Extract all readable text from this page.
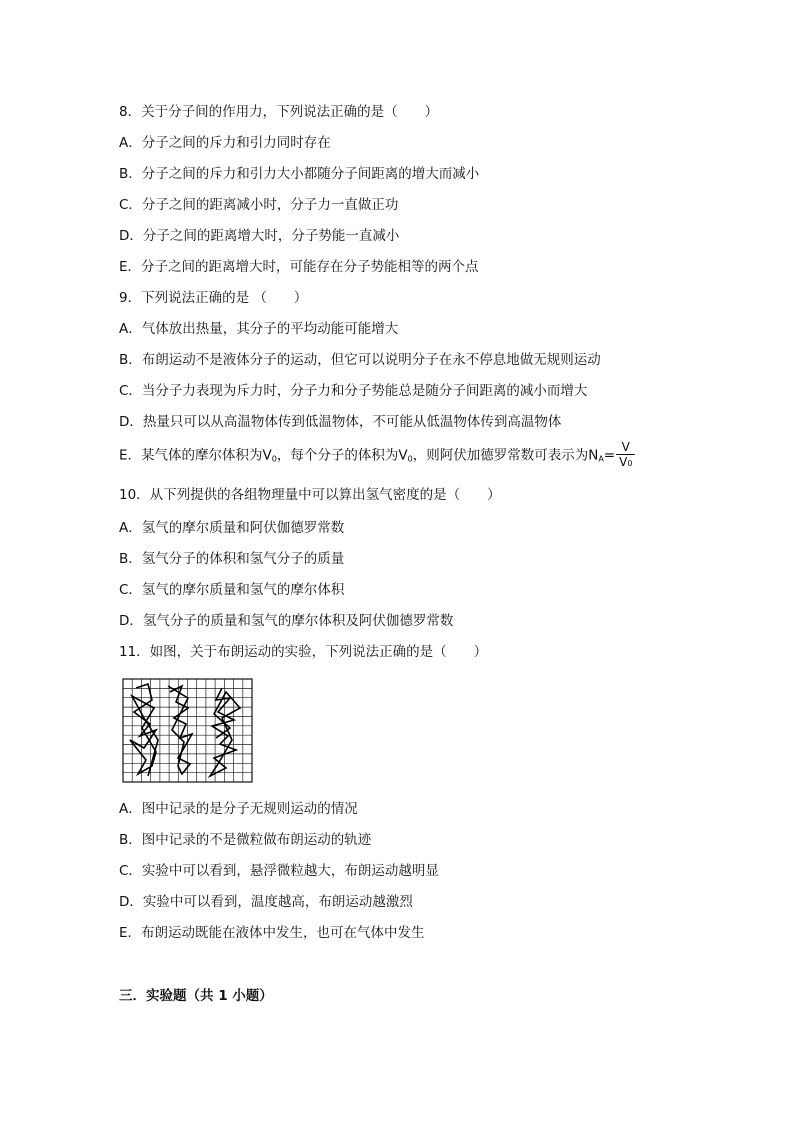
8．关于分子间的作用力，下列说法正确的是（　　）
A．分子之间的斥力和引力同时存在
B．分子之间的斥力和引力大小都随分子间距离的增大而减小
C．分子之间的距离减小时，分子力一直做正功
D．分子之间的距离增大时，分子势能一直减小
E．分子之间的距离增大时，可能存在分子势能相等的两个点
9．下列说法正确的是 （　　）
A．气体放出热量，其分子的平均动能可能增大
B．布朗运动不是液体分子的运动，但它可以说明分子在永不停息地做无规则运动
C．当分子力表现为斥力时，分子力和分子势能总是随分子间距离的减小而增大
D．热量只可以从高温物体传到低温物体，不可能从低温物体传到高温物体
E．某气体的摩尔体积为V0，每个分子的体积为V0，则阿伏加德罗常数可表示为$NA= \frac{V}{V0}$
10．从下列提供的各组物理量中可以算出氢气密度的是（　　）
A．氢气的摩尔质量和阿伏伽德罗常数
B．氢气分子的体积和氢气分子的质量
C．氢气的摩尔质量和氢气的摩尔体积
D．氢气分子的质量和氢气的摩尔体积及阿伏伽德罗常数
11．如图，关于布朗运动的实验，下列说法正确的是（　　）
A．图中记录的是分子无规则运动的情况
B．图中记录的不是微粒做布朗运动的轨迹
C．实验中可以看到，悬浮微粒越大，布朗运动越明显
D．实验中可以看到，温度越高，布朗运动越激烈
E．布朗运动既能在液体中发生，也可在气体中发生
三．实验题（共 1 小题）
